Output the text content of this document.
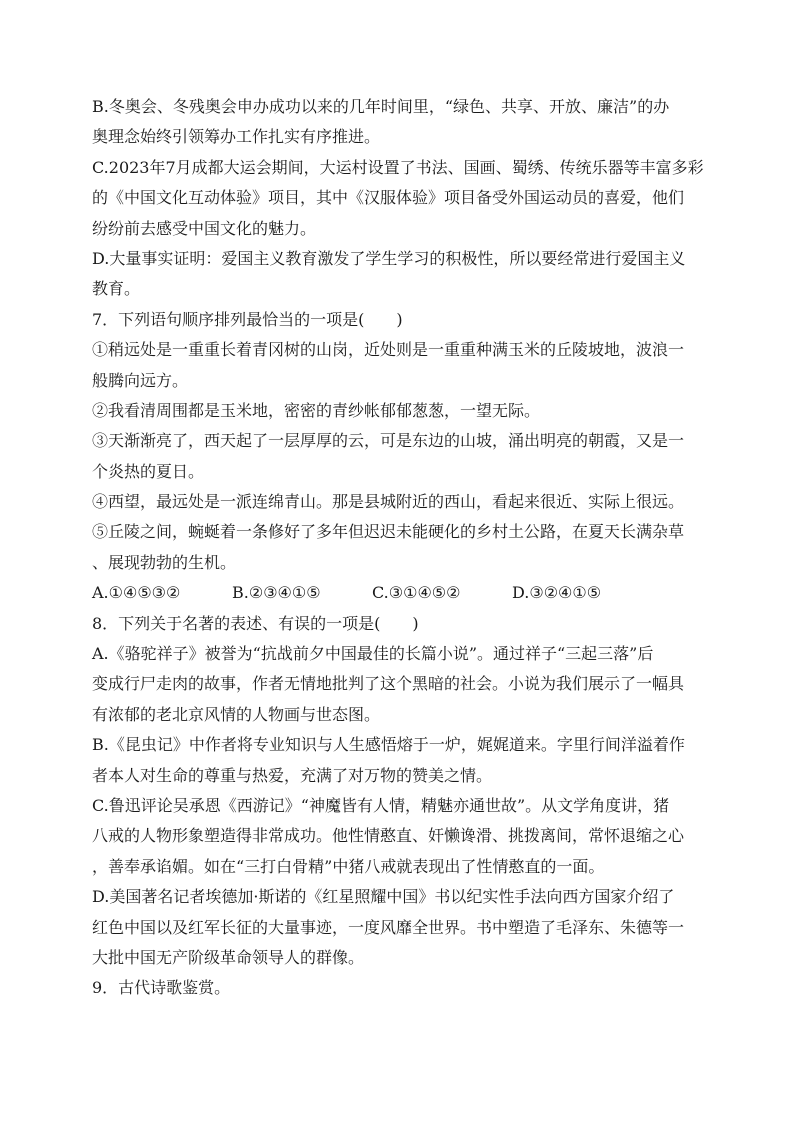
B.冬奥会、冬残奥会申办成功以来的几年时间里，“绿色、共享、开放、廉洁”的办
奥理念始终引领筹办工作扎实有序推进。
C.2023年7月成都大运会期间，大运村设置了书法、国画、蜀绣、传统乐器等丰富多彩
的《中国文化互动体验》项目，其中《汉服体验》项目备受外国运动员的喜爱，他们
纷纷前去感受中国文化的魅力。
D.大量事实证明：爱国主义教育激发了学生学习的积极性，所以要经常进行爱国主义
教育。
7．下列语句顺序排列最恰当的一项是(　　)
①稍远处是一重重长着青冈树的山岗，近处则是一重重种满玉米的丘陵坡地，波浪一
般腾向远方。
②我看清周围都是玉米地，密密的青纱帐郁郁葱葱，一望无际。
③天渐渐亮了，西天起了一层厚厚的云，可是东边的山坡，涌出明亮的朝霞，又是一
个炎热的夏日。
④西望，最远处是一派连绵青山。那是县城附近的西山，看起来很近、实际上很远。
⑤丘陵之间，蜿蜒着一条修好了多年但迟迟未能硬化的乡村土公路，在夏天长满杂草
、展现勃勃的生机。
A.①④⑤③②	B.②③④①⑤	C.③①④⑤②	D.③②④①⑤
8．下列关于名著的表述、有误的一项是(　　)
A.《骆驼祥子》被誉为“抗战前夕中国最佳的长篇小说”。通过祥子“三起三落”后
变成行尸走肉的故事，作者无情地批判了这个黑暗的社会。小说为我们展示了一幅具
有浓郁的老北京风情的人物画与世态图。
B.《昆虫记》中作者将专业知识与人生感悟熔于一炉，娓娓道来。字里行间洋溢着作
者本人对生命的尊重与热爱，充满了对万物的赞美之情。
C.鲁迅评论吴承恩《西游记》“神魔皆有人情，精魅亦通世故”。从文学角度讲，猪
八戒的人物形象塑造得非常成功。他性情憨直、奸懒谗滑、挑拨离间，常怀退缩之心
，善奉承谄媚。如在“三打白骨精”中猪八戒就表现出了性情憨直的一面。
D.美国著名记者埃德加·斯诺的《红星照耀中国》书以纪实性手法向西方国家介绍了
红色中国以及红军长征的大量事迹，一度风靡全世界。书中塑造了毛泽东、朱德等一
大批中国无产阶级革命领导人的群像。
9．古代诗歌鉴赏。
